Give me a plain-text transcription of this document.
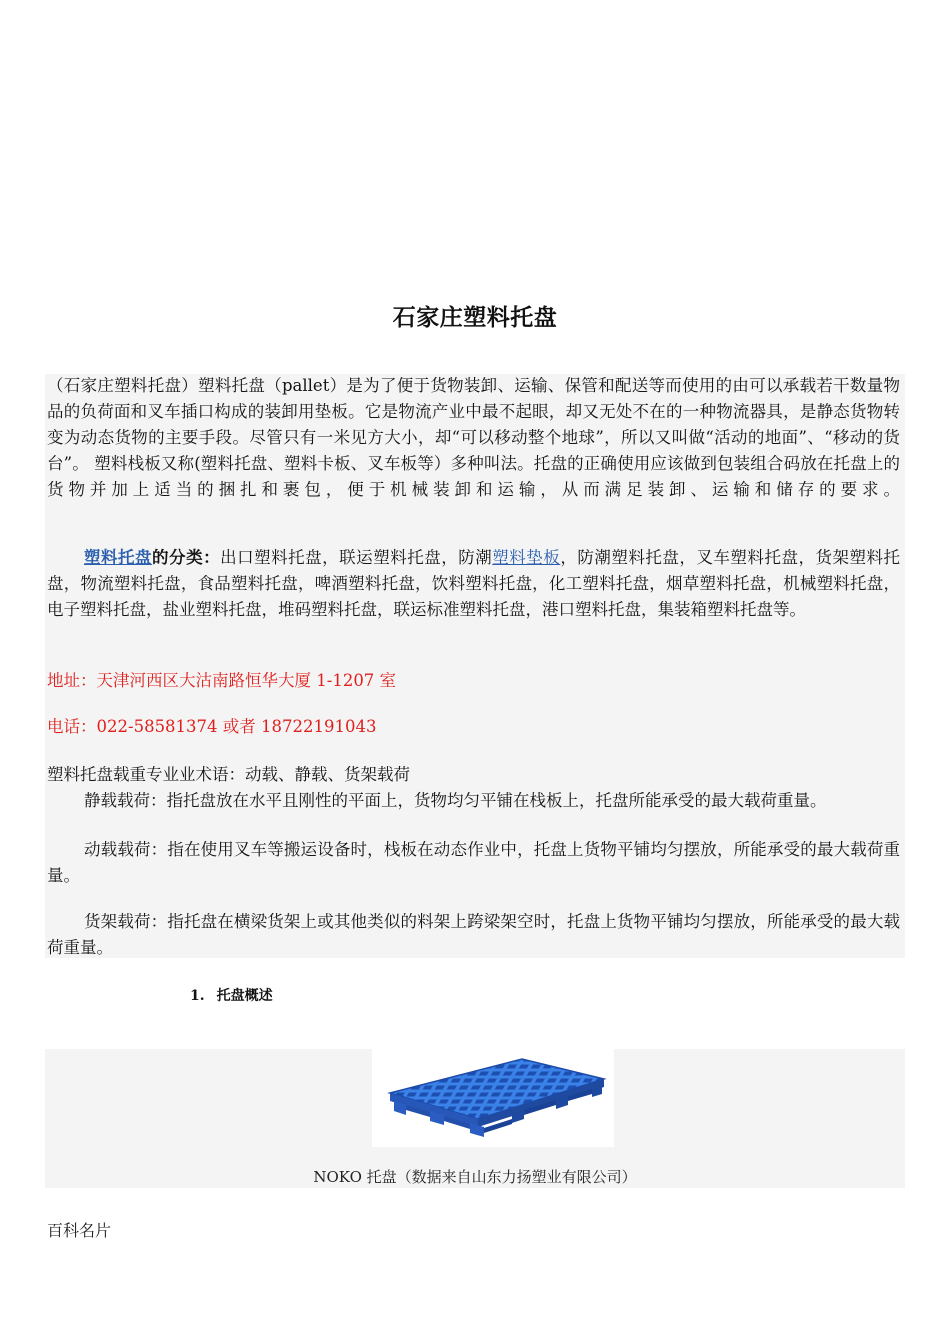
石家庄塑料托盘

（石家庄塑料托盘）塑料托盘（pallet）是为了便于货物装卸、运输、保管和配送等而使用的由可以承载若干数量物品的负荷面和叉车插口构成的装卸用垫板。它是物流产业中最不起眼，却又无处不在的一种物流器具，是静态货物转变为动态货物的主要手段。尽管只有一米见方大小，却“可以移动整个地球”，所以又叫做“活动的地面”、“移动的货台”。 塑料栈板又称(塑料托盘、塑料卡板、叉车板等）多种叫法。托盘的正确使用应该做到包装组合码放在托盘上的货物并加上适当的捆扎和裹包，便于机械装卸和运输，从而满足装卸、运输和储存的要求。

塑料托盘的分类：出口塑料托盘，联运塑料托盘，防潮塑料垫板，防潮塑料托盘，叉车塑料托盘，货架塑料托盘，物流塑料托盘，食品塑料托盘，啤酒塑料托盘，饮料塑料托盘，化工塑料托盘，烟草塑料托盘，机械塑料托盘，电子塑料托盘，盐业塑料托盘，堆码塑料托盘，联运标准塑料托盘，港口塑料托盘，集装箱塑料托盘等。

地址：天津河西区大沽南路恒华大厦 1-1207 室

电话：022-58581374 或者 18722191043

塑料托盘载重专业业术语：动载、静载、货架载荷

静载载荷：指托盘放在水平且刚性的平面上，货物均匀平铺在栈板上，托盘所能承受的最大载荷重量。

动载载荷：指在使用叉车等搬运设备时，栈板在动态作业中，托盘上货物平铺均匀摆放，所能承受的最大载荷重量。

货架载荷：指托盘在横梁货架上或其他类似的料架上跨梁架空时，托盘上货物平铺均匀摆放，所能承受的最大载荷重量。

1. 托盘概述
NOKO 托盘（数据来自山东力扬塑业有限公司）
百科名片
